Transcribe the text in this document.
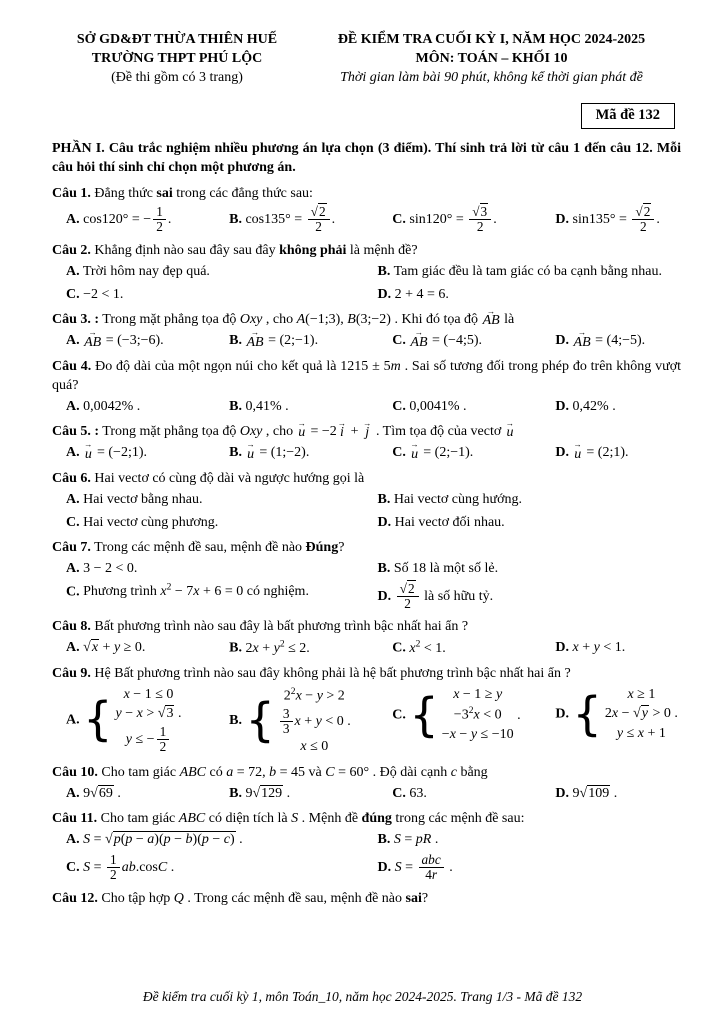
SỞ GD&ĐT THỪA THIÊN HUẾ
TRƯỜNG THPT PHÚ LỘC
(Đề thi gồm có 3 trang)
ĐỀ KIỂM TRA CUỐI KỲ I, NĂM HỌC 2024-2025
MÔN: TOÁN – KHỐI 10
Thời gian làm bài 90 phút, không kể thời gian phát đề
Mã đề 132
PHẦN I. Câu trắc nghiệm nhiều phương án lựa chọn (3 điểm). Thí sinh trả lời từ câu 1 đến câu 12. Mỗi câu hỏi thí sinh chỉ chọn một phương án.
Câu 1. Đẳng thức sai trong các đẳng thức sau:
A. cos120° = − $\frac{1}{2}$ .	B. $\cos 135^\circ = \frac{√2}{2}$ .	C. $\sin 120^\circ = \frac{√3}{2}$ .	D. $\sin 135^\circ = \frac{√2}{2}$ .
Câu 2. Khẳng định nào sau đây sau đây không phải là mệnh đề?
A. Trời hôm nay đẹp quá.	B. Tam giác đều là tam giác có ba cạnh bằng nhau.
C. −2 < 1.	D. 2 + 4 = 6.
Câu 3. : Trong mặt phẳng tọa độ Oxy , cho A(−1;3), B(3;−2) . Khi đó tọa độ
→
AB là
A.
→
AB = (−3;−6).	B.
→
AB = (2;−1).	C.
→
AB = (−4;5).	D.
→
AB = (4;−5).
Câu 4. Đo độ dài của một ngọn núi cho kết quả là 1215 ± 5m . Sai số tương đối trong phép đo trên không vượt quá?
A. 0,0042% .	B. 0,41% .	C. 0,0041% .	D. 0,42% .
Câu 5. : Trong mặt phẳng tọa độ Oxy , cho
→
u = −2
→
i +
→
j . Tìm tọa độ của vectơ
→
u
A.
→
u = (−2;1).	B.
→
u = (1;−2).	C.
→
u = (2;−1).	D.
→
u = (2;1).
Câu 6. Hai vectơ có cùng độ dài và ngược hướng gọi là
A. Hai vectơ bằng nhau.	B. Hai vectơ cùng hướng.
C. Hai vectơ cùng phương.	D. Hai vectơ đối nhau.
Câu 7. Trong các mệnh đề sau, mệnh đề nào Đúng?
A. 3 − 2 < 0.	B. Số 18 là một số lẻ.
C. Phương trình $x^2 - 7x + 6 = 0$ có nghiệm.	D. $\frac{√2}{2}$ là số hữu tỷ.
Câu 8. Bất phương trình nào sau đây là bất phương trình bậc nhất hai ẩn ?
A. √x + y ≥ 0.	B. $2x + y^2 \le 2$.	C. $x^2 < 1$.	D. x + y < 1.
Câu 9. Hệ Bất phương trình nào sau đây không phải là hệ bất phương trình bậc nhất hai ẩn ?
A. { x − 1 ≤ 0
y − x > √3 .
y ≤ − $\frac{1}{2}$
B. { $2^2x - y > 2$
$\frac{3}{3}$ x + y < 0 .
x ≤ 0
C. { x − 1 ≥ y
$-3^2x < 0$
−x − y ≤ −10
.	D. { x ≥ 1
2x − √y > 0 .
y ≤ x + 1
Câu 10. Cho tam giác ABC có a = 72, b = 45 và C = 60° . Độ dài cạnh c bằng
A. 9√69 .	B. 9√129 .	C. 63.	D. 9√109 .
Câu 11. Cho tam giác ABC có diện tích là S . Mệnh đề đúng trong các mệnh đề sau:
A. S = √p(p − a)(p − b)(p − c) .	B. S = pR .
C. $S = \frac{1}{2} ab.\cos C$ .	D. S =
abc
4r .
Câu 12. Cho tập hợp Q . Trong các mệnh đề sau, mệnh đề nào sai?
Đề kiểm tra cuối kỳ 1, môn Toán_10, năm học 2024-2025. Trang 1/3 - Mã đề 132
